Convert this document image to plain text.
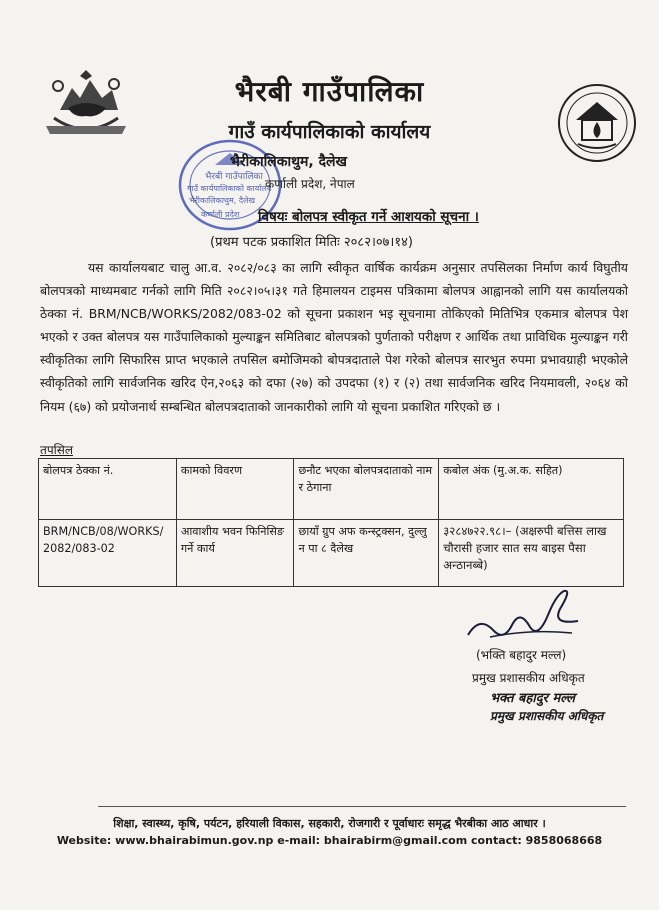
भैरबी गाउँपालिका
गाउँ कार्यपालिकाको कार्यालय
भैरीकालिकाथुम, दैलेख
कर्णाली प्रदेश
भैरबी गाउँपालिका
गाउँ कार्यपालिकाको कार्यालय
भैरीकालिकाथुम, दैलेख
कर्णाली प्रदेश, नेपाल
विषयः बोलपत्र स्वीकृत गर्ने आशयको सूचना ।
(प्रथम पटक प्रकाशित मितिः २०८२।०७।१४)

यस कार्यालयबाट चालु आ.व. २०८२/०८३ का लागि स्वीकृत वार्षिक कार्यक्रम अनुसार तपसिलका निर्माण कार्य विघुतीय बोलपत्रको माध्यमबाट गर्नको लागि मिति २०८२।०५।३१ गते हिमालयन टाइमस पत्रिकामा बोलपत्र आह्वानको लागि यस कार्यालयको ठेक्का नं. BRM/NCB/WORKS/2082/083-02 को सूचना प्रकाशन भइ सूचनामा तोकिएको मितिभित्र एकमात्र बोलपत्र पेश भएको र उक्त बोलपत्र यस गाउँपालिकाको मुल्याङ्कन समितिबाट बोलपत्रको पुर्णताको परीक्षण र आर्थिक तथा प्राविधिक मुल्याङ्कन गरी स्वीकृतिका लागि सिफारिस प्राप्त भएकाले तपसिल बमोजिमको बोपत्रदाताले पेश गरेको बोलपत्र सारभुत रुपमा प्रभावग्राही भएकोले स्वीकृतिको लागि सार्वजनिक खरिद ऐन,२०६३ को दफा (२७) को उपदफा (१) र (२) तथा सार्वजनिक खरिद नियमावली, २०६४ को नियम (६७) को प्रयोजनार्थ सम्बन्धित बोलपत्रदाताको जानकारीको लागि यो सूचना प्रकाशित गरिएको छ ।

तपसिल
बोलपत्र ठेक्का नं.	कामको विवरण	छनौट भएका बोलपत्रदाताको नाम र ठेगाना	कबोल अंक (मु.अ.क. सहित)
BRM/NCB/08/WORKS/ 2082/083-02	आवाशीय भवन फिनिसिङ गर्ने कार्य	छायाँ ग्रुप अफ कन्स्ट्रक्सन, दुल्लु न पा ८ दैलेख	३२८४७२२.९८।– (अक्षरुपी बत्तिस लाख चौरासी हजार सात सय बाइस पैसा अन्ठानब्बे)
(भक्ति बहादुर मल्ल)
प्रमुख प्रशासकीय अधिकृत
भक्त बहादुर मल्ल
प्रमुख प्रशासकीय अधिकृत
शिक्षा, स्वास्थ्य, कृषि, पर्यटन, हरियाली विकास, सहकारी, रोजगारी र पूर्वाधारः समृद्ध भैरबीका आठ आधार ।
Website: www.bhairabimun.gov.np e-mail: bhairabirm@gmail.com contact: 9858068668
